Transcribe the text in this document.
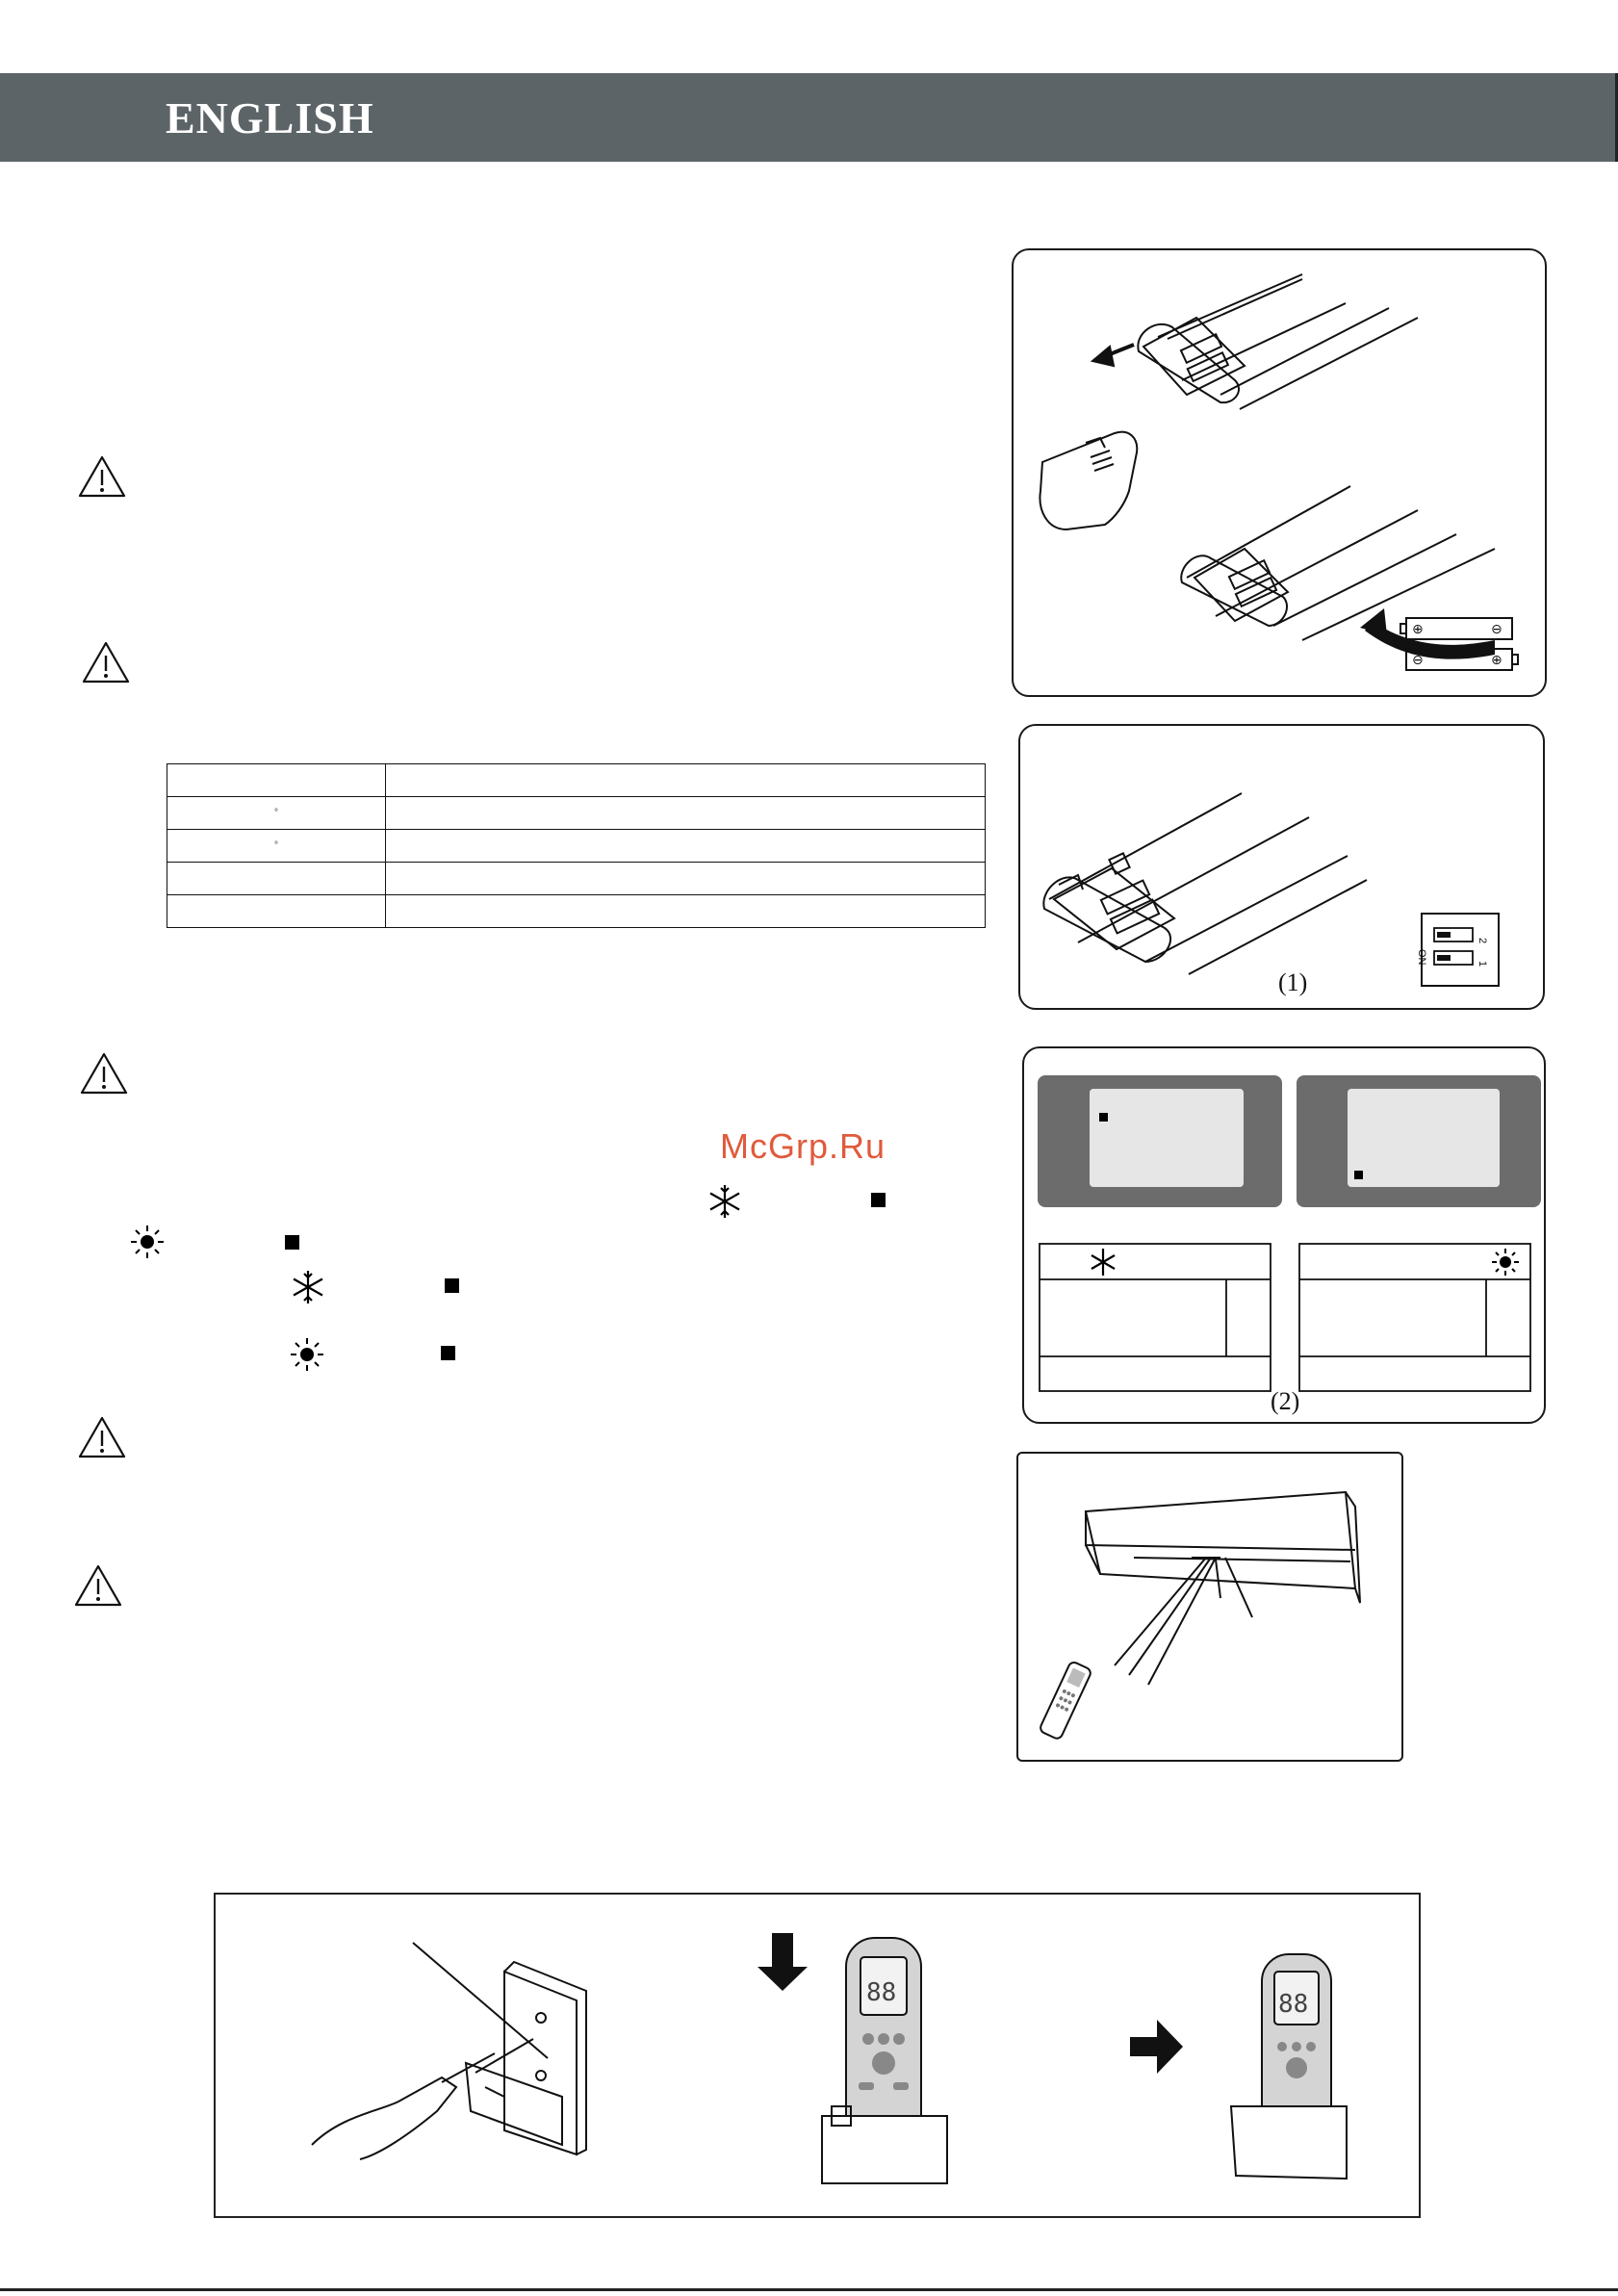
ENGLISH

°	
°	

McGrp.Ru
⊕	⊖
⊖	⊕
ON
2
1
(1)
(2)
88	88
